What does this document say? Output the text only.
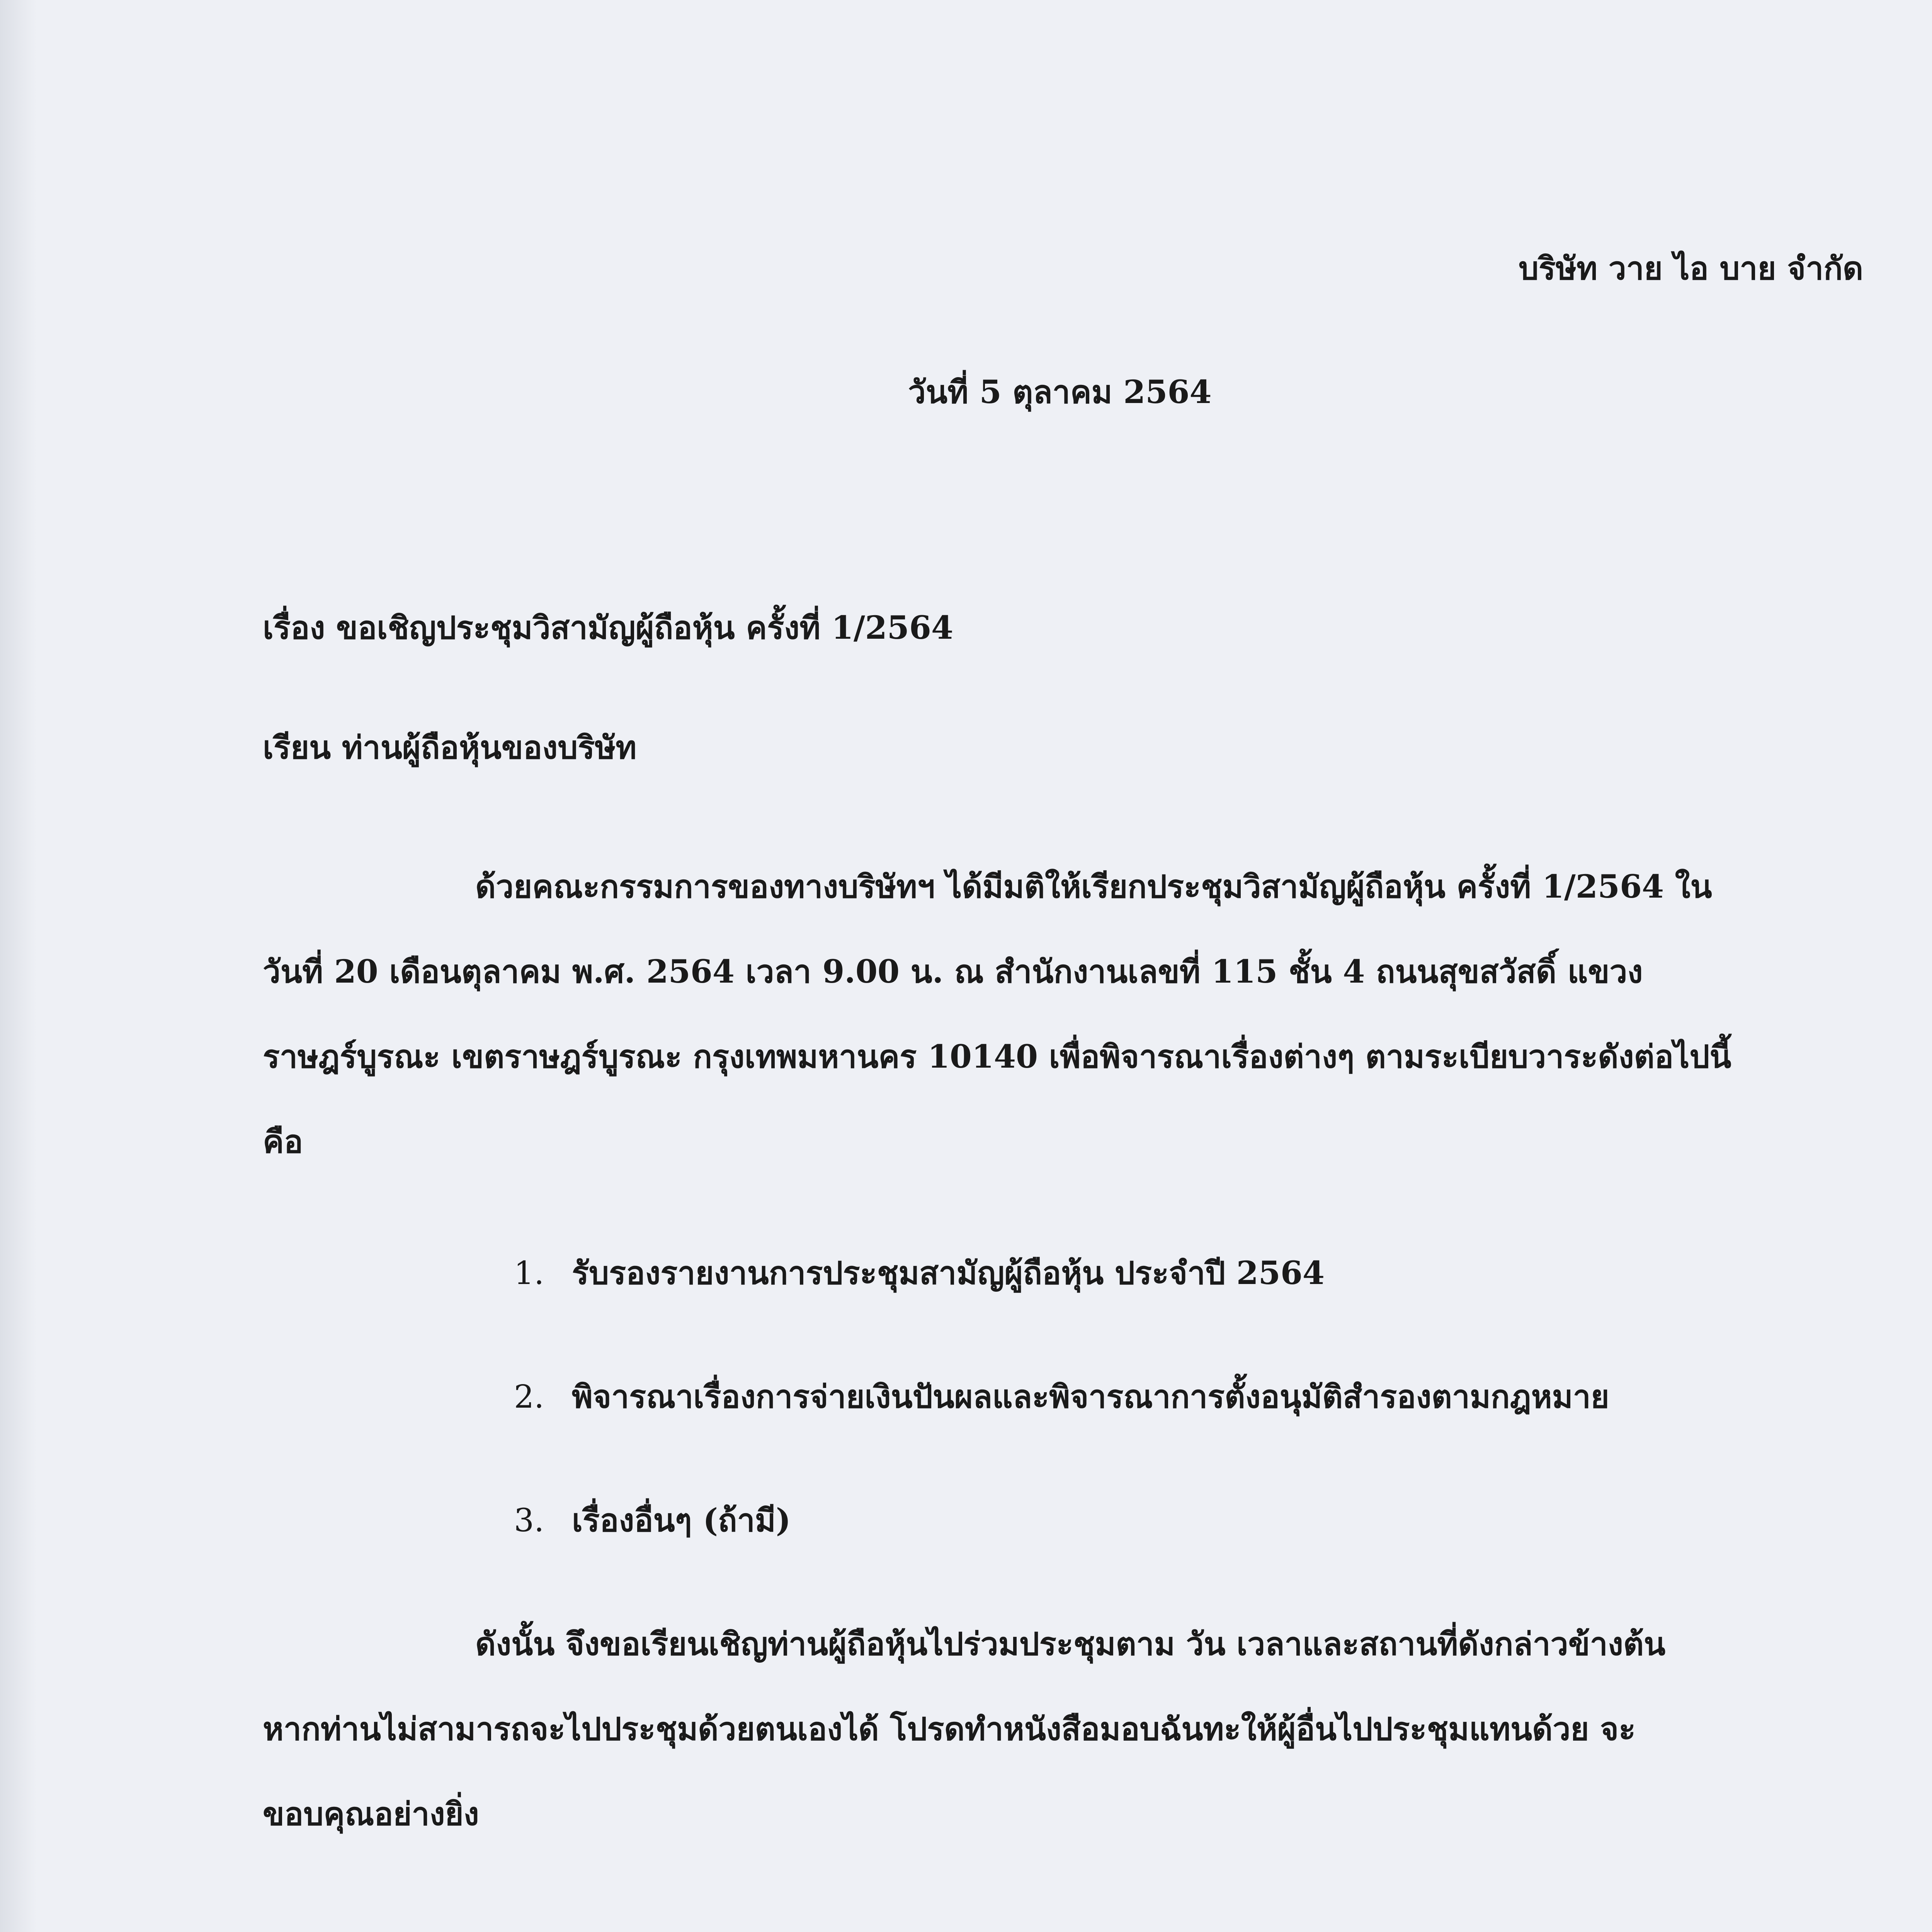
บริษัท วาย ไอ บาย จำกัด
วันที่ 5 ตุลาคม 2564
เรื่อง ขอเชิญประชุมวิสามัญผู้ถือหุ้น ครั้งที่ 1/2564
เรียน ท่านผู้ถือหุ้นของบริษัท
ด้วยคณะกรรมการของทางบริษัทฯ ได้มีมติให้เรียกประชุมวิสามัญผู้ถือหุ้น ครั้งที่ 1/2564 ใน
วันที่ 20 เดือนตุลาคม พ.ศ. 2564 เวลา 9.00 น. ณ สำนักงานเลขที่ 115 ชั้น 4 ถนนสุขสวัสดิ์ แขวง
ราษฎร์บูรณะ เขตราษฎร์บูรณะ กรุงเทพมหานคร 10140 เพื่อพิจารณาเรื่องต่างๆ ตามระเบียบวาระดังต่อไปนี้
คือ
1. รับรองรายงานการประชุมสามัญผู้ถือหุ้น ประจำปี 2564
2. พิจารณาเรื่องการจ่ายเงินปันผลและพิจารณาการตั้งอนุมัติสำรองตามกฎหมาย
3. เรื่องอื่นๆ (ถ้ามี)
ดังนั้น จึงขอเรียนเชิญท่านผู้ถือหุ้นไปร่วมประชุมตาม วัน เวลาและสถานที่ดังกล่าวข้างต้น
หากท่านไม่สามารถจะไปประชุมด้วยตนเองได้ โปรดทำหนังสือมอบฉันทะให้ผู้อื่นไปประชุมแทนด้วย จะ
ขอบคุณอย่างยิ่ง
